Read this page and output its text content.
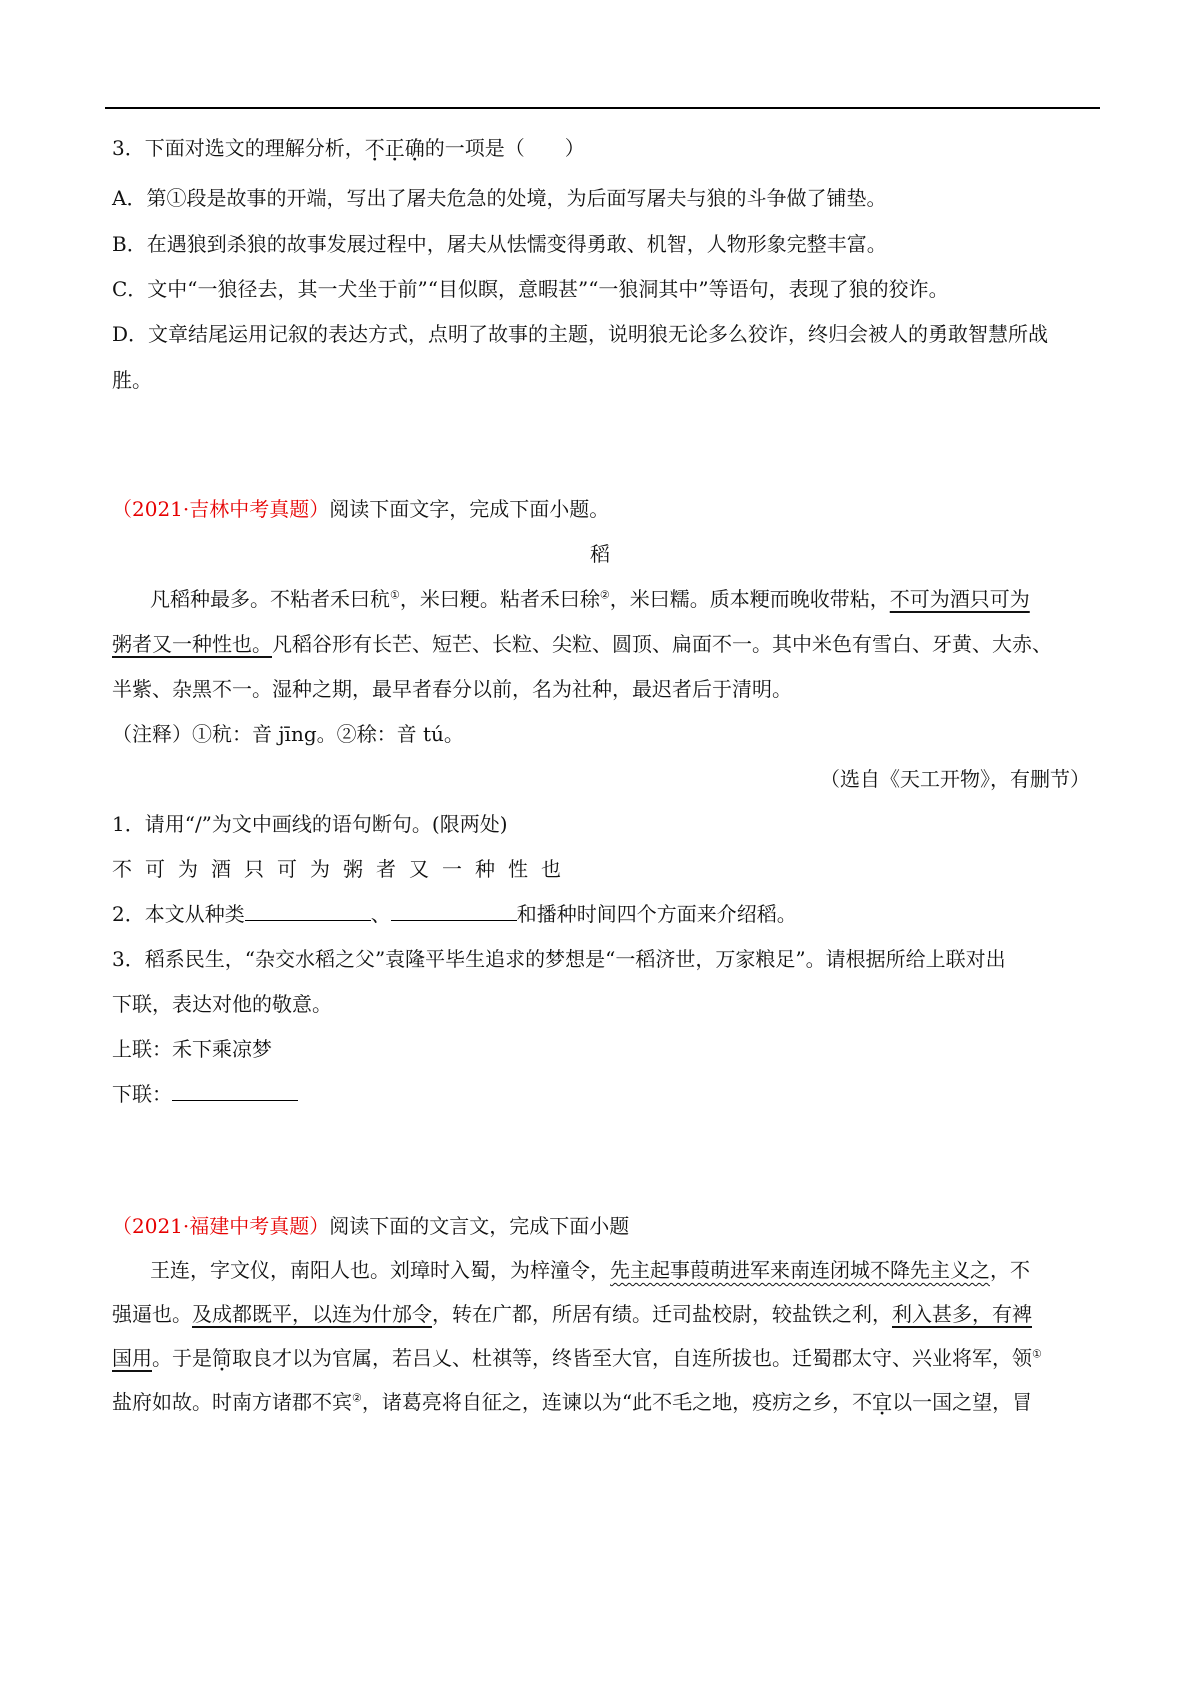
3．下面对选文的理解分析，不正确的一项是（　　）
A．第①段是故事的开端，写出了屠夫危急的处境，为后面写屠夫与狼的斗争做了铺垫。
B．在遇狼到杀狼的故事发展过程中，屠夫从怯懦变得勇敢、机智，人物形象完整丰富。
C．文中“一狼径去，其一犬坐于前”“目似瞑，意暇甚”“一狼洞其中”等语句，表现了狼的狡诈。
D．文章结尾运用记叙的表达方式，点明了故事的主题，说明狼无论多么狡诈，终归会被人的勇敢智慧所战
胜。
（2021·吉林中考真题）阅读下面文字，完成下面小题。
稻
凡稻种最多。不粘者禾曰秔①，米曰粳。粘者禾曰稌②，米曰糯。质本粳而晚收带粘，不可为酒只可为
粥者又一种性也。凡稻谷形有长芒、短芒、长粒、尖粒、圆顶、扁面不一。其中米色有雪白、牙黄、大赤、
半紫、杂黑不一。湿种之期，最早者春分以前，名为社种，最迟者后于清明。
（注释）①秔：音 jīng。②稌：音 tú。
（选自《天工开物》，有删节）
1．请用“/”为文中画线的语句断句。(限两处)
不可为酒只可为粥者又一种性也
2．本文从种类	、	和播种时间四个方面来介绍稻。
3．稻系民生，“杂交水稻之父”袁隆平毕生追求的梦想是“一稻济世，万家粮足”。请根据所给上联对出
下联，表达对他的敬意。
上联：禾下乘凉梦
下联：
（2021·福建中考真题）阅读下面的文言文，完成下面小题
王连，字文仪，南阳人也。刘璋时入蜀，为梓潼令，先主起事葭萌进军来南连闭城不降先主义之，不
强逼也。及成都既平，以连为什邡令，转在广都，所居有绩。迁司盐校尉，较盐铁之利，利入甚多，有裨
国用。于是简取良才以为官属，若吕乂、杜祺等，终皆至大官，自连所拔也。迁蜀郡太守、兴业将军，领①
盐府如故。时南方诸郡不宾②，诸葛亮将自征之，连谏以为“此不毛之地，疫疠之乡，不宜以一国之望，冒
